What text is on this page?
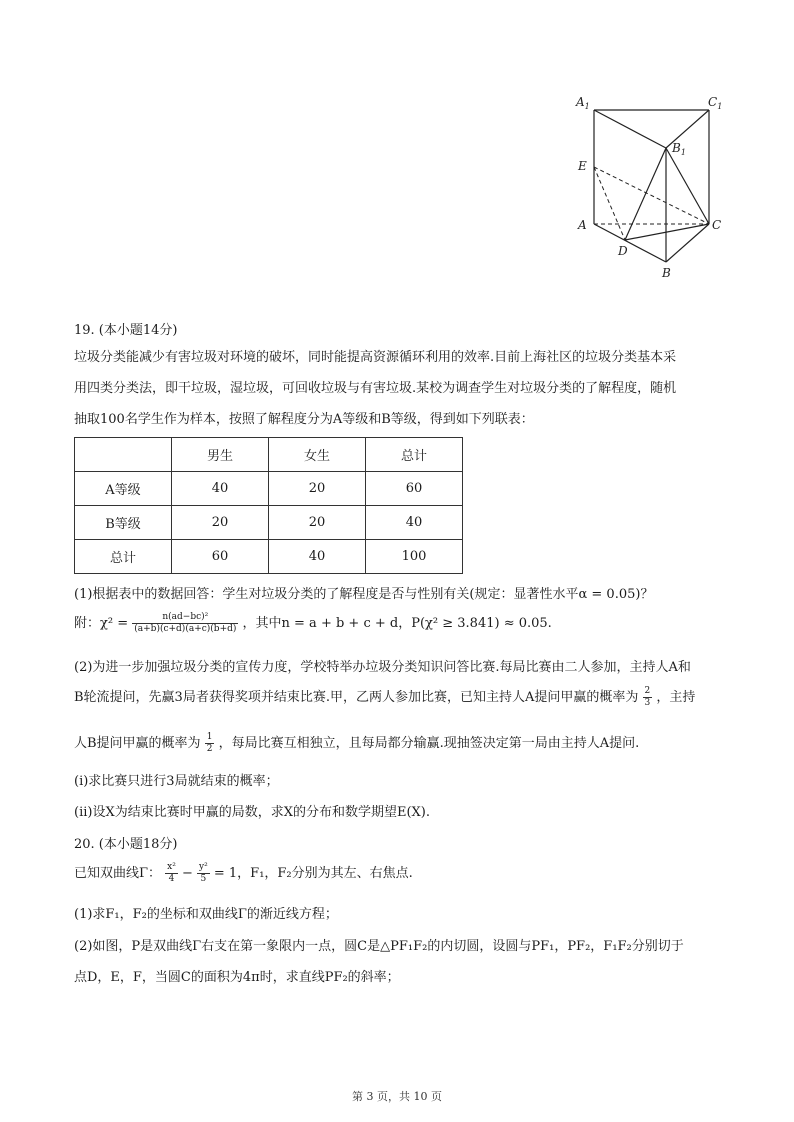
$A_1$	$C_1$
$B_1$
E
A	C
D
B
19. (本小题14分)
垃圾分类能减少有害垃圾对环境的破坏，同时能提高资源循环利用的效率.目前上海社区的垃圾分类基本采
用四类分类法，即干垃圾，湿垃圾，可回收垃圾与有害垃圾.某校为调查学生对垃圾分类的了解程度，随机
抽取100名学生作为样本，按照了解程度分为A等级和B等级，得到如下列联表：
	男生	女生	总计
A等级	40	20	60
B等级	20	20	40
总计	60	40	100
(1)根据表中的数据回答：学生对垃圾分类的了解程度是否与性别有关(规定：显著性水平α = 0.05)？
附：$\chi^2 = \frac{\text{n(ad−bc)²}}{(a+b)(c+d)(a+c)(b+d)}$ ，其中n = a + b + c + d，P(χ² ≥ 3.841) ≈ 0.05.
(2)为进一步加强垃圾分类的宣传力度，学校特举办垃圾分类知识问答比赛.每局比赛由二人参加，主持人A和
B轮流提问，先赢3局者获得奖项并结束比赛.甲，乙两人参加比赛，已知主持人A提问甲赢的概率为 $\frac{2}{3}$ ，主持
人B提问甲赢的概率为 $\frac{1}{2}$ ，每局比赛互相独立，且每局都分输赢.现抽签决定第一局由主持人A提问.
(i)求比赛只进行3局就结束的概率；
(ii)设X为结束比赛时甲赢的局数，求X的分布和数学期望E(X).
20. (本小题18分)
已知双曲线Γ： $\frac{\text{x²}}{4} - \frac{\text{y²}}{5} = 1$，F₁，F₂分别为其左、右焦点.
(1)求F₁，F₂的坐标和双曲线Γ的渐近线方程；
(2)如图，P是双曲线Γ右支在第一象限内一点，圆C是△PF₁F₂的内切圆，设圆与PF₁，PF₂，F₁F₂分别切于
点D，E，F，当圆C的面积为4π时，求直线PF₂的斜率；
第 3 页，共 10 页
